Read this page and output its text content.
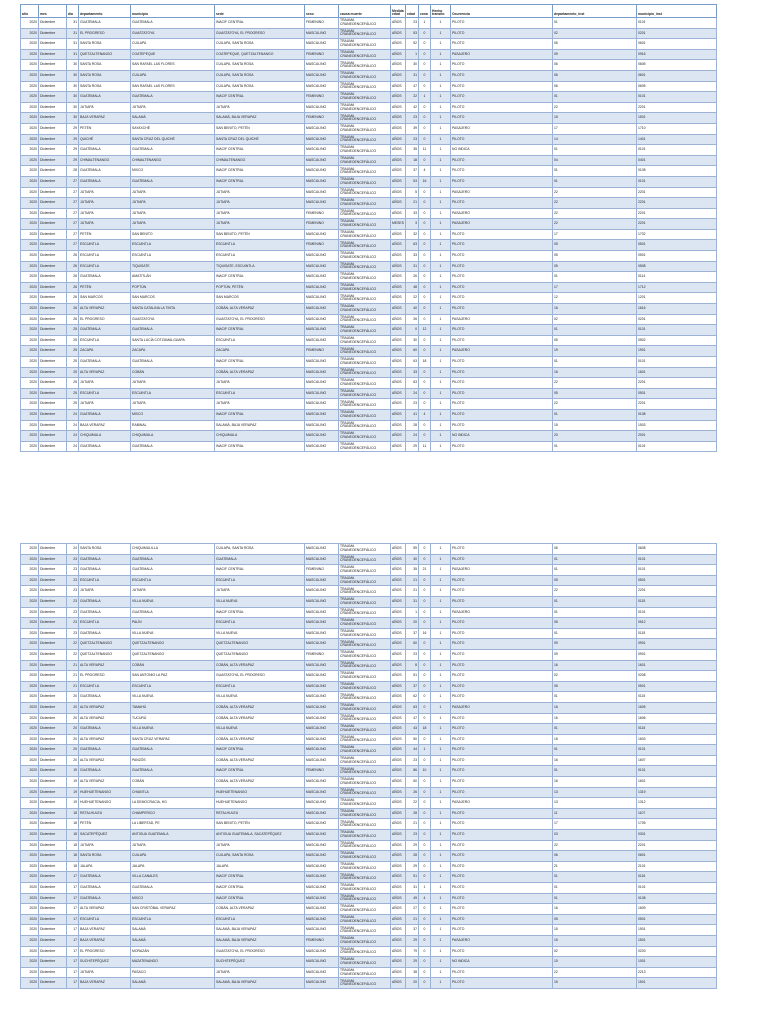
año	mes	día	departamento	municipio	sede	sexo	causa muerte	Medida edad	edad	zona	Hecho transito	Ocurrencia	departamento_inst	municipio_inst
2020	Diciembre	31	GUATEMALA	GUATEMALA	INACIF CENTRAL	FEMENINO	TRAUMA CRANEOENCEFÁLICO	AÑOS	23	1	1	PILOTO	01	0101
2020	Diciembre	31	EL PROGRESO	GUASTATOYA	GUASTATOYA, EL PROGRESO	MASCULINO	TRAUMA CRANEOENCEFÁLICO	AÑOS	53	0	1	PILOTO	02	0201
2020	Diciembre	31	SANTA ROSA	CUILAPA	CUILAPA, SANTA ROSA	MASCULINO	TRAUMA CRANEOENCEFÁLICO	AÑOS	52	0	1	PILOTO	06	0601
2020	Diciembre	31	QUETZALTENANGO	COATEPEQUE	COATEPEQUE, QUETZALTENANGO	FEMENINO	TRAUMA CRANEOENCEFÁLICO	AÑOS	1	0	1	PASAJERO	09	0916
2020	Diciembre	30	SANTA ROSA	SAN RAFAEL LAS FLORES	CUILAPA, SANTA ROSA	MASCULINO	TRAUMA CRANEOENCEFÁLICO	AÑOS	30	0	1	PILOTO	06	0605
2020	Diciembre	30	SANTA ROSA	CUILAPA	CUILAPA, SANTA ROSA	MASCULINO	TRAUMA CRANEOENCEFÁLICO	AÑOS	31	0	1	PILOTO	06	0601
2020	Diciembre	30	SANTA ROSA	SAN RAFAEL LAS FLORES	CUILAPA, SANTA ROSA	MASCULINO	TRAUMA CRANEOENCEFÁLICO	AÑOS	47	0	1	PILOTO	06	0605
2020	Diciembre	30	GUATEMALA	GUATEMALA	INACIF CENTRAL	FEMENINO	TRAUMA CRANEOENCEFÁLICO	AÑOS	22	1	1	PILOTO	01	0101
2020	Diciembre	30	JUTIAPA	JUTIAPA	JUTIAPA	MASCULINO	TRAUMA CRANEOENCEFÁLICO	AÑOS	42	0	1	PILOTO	22	2201
2020	Diciembre	30	BAJA VERAPAZ	SALAMÁ	SALAMÁ, BAJA VERAPAZ	FEMENINO	TRAUMA CRANEOENCEFÁLICO	AÑOS	23	0	1	PILOTO	15	1501
2020	Diciembre	29	PETÉN	SAYAXCHÉ	SAN BENITO, PETÉN	MASCULINO	TRAUMA CRANEOENCEFÁLICO	AÑOS	39	0	1	PASAJERO	17	1710
2020	Diciembre	29	QUICHÉ	SANTA CRUZ DEL QUICHÉ	SANTA CRUZ DEL QUICHÉ	MASCULINO	TRAUMA CRANEOENCEFÁLICO	AÑOS	23	0	1	PILOTO	14	1401
2020	Diciembre	29	GUATEMALA	GUATEMALA	INACIF CENTRAL	MASCULINO	TRAUMA CRANEOENCEFÁLICO	AÑOS	35	11	1	NO INDICA	01	0101
2020	Diciembre	29	CHIMALTENANGO	CHIMALTENANGO	CHIMALTENANGO	MASCULINO	TRAUMA CRANEOENCEFÁLICO	AÑOS	18	0	1	PILOTO	04	0401
2020	Diciembre	28	GUATEMALA	MIXCO	INACIF CENTRAL	MASCULINO	TRAUMA CRANEOENCEFÁLICO	AÑOS	37	4	1	PILOTO	01	0108
2020	Diciembre	27	GUATEMALA	GUATEMALA	INACIF CENTRAL	MASCULINO	TRAUMA CRANEOENCEFÁLICO	AÑOS	53	16	1	PILOTO	01	0101
2020	Diciembre	27	JUTIAPA	JUTIAPA	JUTIAPA	MASCULINO	TRAUMA CRANEOENCEFÁLICO	AÑOS	5	0	1	PASAJERO	22	2201
2020	Diciembre	27	JUTIAPA	JUTIAPA	JUTIAPA	MASCULINO	TRAUMA CRANEOENCEFÁLICO	AÑOS	21	0	1	PILOTO	22	2201
2020	Diciembre	27	JUTIAPA	JUTIAPA	JUTIAPA	FEMENINO	TRAUMA CRANEOENCEFÁLICO	AÑOS	33	0	1	PASAJERO	22	2201
2020	Diciembre	27	JUTIAPA	JUTIAPA	JUTIAPA	FEMENINO	TRAUMA CRANEOENCEFÁLICO	MESES	3	0	1	PASAJERO	22	2201
2020	Diciembre	27	PETÉN	SAN BENITO	SAN BENITO, PETÉN	MASCULINO	TRAUMA CRANEOENCEFÁLICO	AÑOS	32	0	1	PILOTO	17	1702
2020	Diciembre	27	ESCUINTLA	ESCUINTLA	ESCUINTLA	FEMENINO	TRAUMA CRANEOENCEFÁLICO	AÑOS	63	0	1	PILOTO	05	0501
2020	Diciembre	26	ESCUINTLA	ESCUINTLA	ESCUINTLA	MASCULINO	TRAUMA CRANEOENCEFÁLICO	AÑOS	33	0	1	PILOTO	05	0501
2020	Diciembre	26	ESCUINTLA	TIQUISATE	TIQUISATE, ESCUINTLA	MASCULINO	TRAUMA CRANEOENCEFÁLICO	AÑOS	31	0	1	PILOTO	05	0508
2020	Diciembre	26	GUATEMALA	AMATITLÁN	INACIF CENTRAL	MASCULINO	TRAUMA CRANEOENCEFÁLICO	AÑOS	26	0	1	PILOTO	01	0114
2020	Diciembre	26	PETÉN	POPTÚN	POPTÚN, PETÉN	MASCULINO	TRAUMA CRANEOENCEFÁLICO	AÑOS	48	0	1	PILOTO	17	1712
2020	Diciembre	26	SAN MARCOS	SAN MARCOS	SAN MARCOS	MASCULINO	TRAUMA CRANEOENCEFÁLICO	AÑOS	22	0	1	PILOTO	12	1201
2020	Diciembre	26	ALTA VERAPAZ	SANTA CATALINA LA TINTA	COBÁN, ALTA VERAPAZ	MASCULINO	TRAUMA CRANEOENCEFÁLICO	AÑOS	40	0	1	PILOTO	16	1616
2020	Diciembre	26	EL PROGRESO	GUASTATOYA	GUASTATOYA, EL PROGRESO	MASCULINO	TRAUMA CRANEOENCEFÁLICO	AÑOS	26	0	1	PASAJERO	02	0201
2020	Diciembre	25	GUATEMALA	GUATEMALA	INACIF CENTRAL	MASCULINO	TRAUMA CRANEOENCEFÁLICO	AÑOS	0	12	1	PILOTO	01	0101
2020	Diciembre	25	ESCUINTLA	SANTA LUCÍA COTZUMALGUAPA	ESCUINTLA	MASCULINO	TRAUMA CRANEOENCEFÁLICO	AÑOS	30	0	1	PILOTO	05	0502
2020	Diciembre	25	ZACAPA	ZACAPA	ZACAPA	FEMENINO	TRAUMA CRANEOENCEFÁLICO	AÑOS	60	0	1	PASAJERO	19	1901
2020	Diciembre	25	GUATEMALA	GUATEMALA	INACIF CENTRAL	MASCULINO	TRAUMA CRANEOENCEFÁLICO	AÑOS	63	18	1	PILOTO	01	0101
2020	Diciembre	25	ALTA VERAPAZ	COBÁN	COBÁN, ALTA VERAPAZ	MASCULINO	TRAUMA CRANEOENCEFÁLICO	AÑOS	33	0	1	PILOTO	16	1601
2020	Diciembre	25	JUTIAPA	JUTIAPA	JUTIAPA	MASCULINO	TRAUMA CRANEOENCEFÁLICO	AÑOS	63	0	1	PILOTO	22	2201
2020	Diciembre	25	ESCUINTLA	ESCUINTLA	ESCUINTLA	MASCULINO	TRAUMA CRANEOENCEFÁLICO	AÑOS	24	0	1	PILOTO	05	0501
2020	Diciembre	25	JUTIAPA	JUTIAPA	JUTIAPA	MASCULINO	TRAUMA CRANEOENCEFÁLICO	AÑOS	23	0	1	PILOTO	22	2201
2020	Diciembre	24	GUATEMALA	MIXCO	INACIF CENTRAL	MASCULINO	TRAUMA CRANEOENCEFÁLICO	AÑOS	41	4	1	PILOTO	01	0108
2020	Diciembre	24	BAJA VERAPAZ	RABINAL	SALAMÁ, BAJA VERAPAZ	MASCULINO	TRAUMA CRANEOENCEFÁLICO	AÑOS	28	0	1	PILOTO	15	1503
2020	Diciembre	24	CHIQUIMULA	CHIQUIMULA	CHIQUIMULA	MASCULINO	TRAUMA CRANEOENCEFÁLICO	AÑOS	24	0	1	NO INDICA	20	2001
2020	Diciembre	24	GUATEMALA	GUATEMALA	INACIF CENTRAL	MASCULINO	TRAUMA CRANEOENCEFÁLICO	AÑOS	29	11	1	PILOTO	01	0101
2020	Diciembre	24	SANTA ROSA	CHIQUIMULILLA	CUILAPA, SANTA ROSA	MASCULINO	TRAUMA CRANEOENCEFÁLICO	AÑOS	59	0	1	PILOTO	06	0608
2020	Diciembre	23	GUATEMALA	GUATEMALA	GUATEMALA	MASCULINO	TRAUMA CRANEOENCEFÁLICO	AÑOS	30	0	1	PILOTO	01	0101
2020	Diciembre	23	GUATEMALA	GUATEMALA	INACIF CENTRAL	FEMENINO	TRAUMA CRANEOENCEFÁLICO	AÑOS	35	21	1	PASAJERO	01	0101
2020	Diciembre	23	ESCUINTLA	ESCUINTLA	ESCUINTLA	MASCULINO	TRAUMA CRANEOENCEFÁLICO	AÑOS	21	0	1	PILOTO	05	0501
2020	Diciembre	23	JUTIAPA	JUTIAPA	JUTIAPA	MASCULINO	TRAUMA CRANEOENCEFÁLICO	AÑOS	21	0	1	PILOTO	22	2201
2020	Diciembre	23	GUATEMALA	VILLA NUEVA	VILLA NUEVA	MASCULINO	TRAUMA CRANEOENCEFÁLICO	AÑOS	31	0	1	PILOTO	01	0115
2020	Diciembre	23	GUATEMALA	GUATEMALA	INACIF CENTRAL	MASCULINO	TRAUMA CRANEOENCEFÁLICO	AÑOS	1	0	1	PASAJERO	01	0101
2020	Diciembre	23	ESCUINTLA	PALÍN	ESCUINTLA	MASCULINO	TRAUMA CRANEOENCEFÁLICO	AÑOS	20	0	1	PILOTO	05	0512
2020	Diciembre	23	GUATEMALA	VILLA NUEVA	VILLA NUEVA	MASCULINO	TRAUMA CRANEOENCEFÁLICO	AÑOS	37	16	1	PILOTO	01	0115
2020	Diciembre	22	QUETZALTENANGO	QUETZALTENANGO	QUETZALTENANGO	MASCULINO	TRAUMA CRANEOENCEFÁLICO	AÑOS	60	0	1	PILOTO	09	0901
2020	Diciembre	22	QUETZALTENANGO	QUETZALTENANGO	QUETZALTENANGO	FEMENINO	TRAUMA CRANEOENCEFÁLICO	AÑOS	23	0	1	PILOTO	09	0901
2020	Diciembre	21	ALTA VERAPAZ	COBÁN	COBÁN, ALTA VERAPAZ	MASCULINO	TRAUMA CRANEOENCEFÁLICO	AÑOS	8	0	1	PILOTO	16	1601
2020	Diciembre	21	EL PROGRESO	SAN ANTONIO LA PAZ	GUASTATOYA, EL PROGRESO	MASCULINO	TRAUMA CRANEOENCEFÁLICO	AÑOS	51	0	1	PILOTO	02	0208
2020	Diciembre	21	ESCUINTLA	ESCUINTLA	ESCUINTLA	MASCULINO	TRAUMA CRANEOENCEFÁLICO	AÑOS	37	0	1	PILOTO	05	0501
2020	Diciembre	20	GUATEMALA	VILLA NUEVA	VILLA NUEVA	MASCULINO	TRAUMA CRANEOENCEFÁLICO	AÑOS	62	0	1	PILOTO	01	0115
2020	Diciembre	20	ALTA VERAPAZ	TAMAHÚ	COBÁN, ALTA VERAPAZ	MASCULINO	TRAUMA CRANEOENCEFÁLICO	AÑOS	63	0	1	PASAJERO	16	1605
2020	Diciembre	20	ALTA VERAPAZ	TUCURÚ	COBÁN, ALTA VERAPAZ	MASCULINO	TRAUMA CRANEOENCEFÁLICO	AÑOS	47	0	1	PILOTO	16	1606
2020	Diciembre	20	GUATEMALA	VILLA NUEVA	VILLA NUEVA	MASCULINO	TRAUMA CRANEOENCEFÁLICO	AÑOS	43	18	1	PILOTO	01	0115
2020	Diciembre	20	ALTA VERAPAZ	SANTA CRUZ VERAPAZ	COBÁN, ALTA VERAPAZ	MASCULINO	TRAUMA CRANEOENCEFÁLICO	AÑOS	50	0	1	PILOTO	16	1603
2020	Diciembre	20	GUATEMALA	GUATEMALA	INACIF CENTRAL	MASCULINO	TRAUMA CRANEOENCEFÁLICO	AÑOS	44	1	1	PILOTO	01	0101
2020	Diciembre	20	ALTA VERAPAZ	PANZÓS	COBÁN, ALTA VERAPAZ	MASCULINO	TRAUMA CRANEOENCEFÁLICO	AÑOS	23	0	1	PILOTO	16	1607
2020	Diciembre	19	GUATEMALA	GUATEMALA	INACIF CENTRAL	FEMENINO	TRAUMA CRANEOENCEFÁLICO	AÑOS	86	10	1	PILOTO	01	0101
2020	Diciembre	19	ALTA VERAPAZ	COBÁN	COBÁN, ALTA VERAPAZ	MASCULINO	TRAUMA CRANEOENCEFÁLICO	AÑOS	60	0	1	PILOTO	16	1601
2020	Diciembre	19	HUEHUETENANGO	CHIANTLA	HUEHUETENANGO	MASCULINO	TRAUMA CRANEOENCEFÁLICO	AÑOS	26	0	1	PILOTO	13	1319
2020	Diciembre	19	HUEHUETENANGO	LA DEMOCRACIA, HG	HUEHUETENANGO	MASCULINO	TRAUMA CRANEOENCEFÁLICO	AÑOS	22	0	1	PASAJERO	13	1312
2020	Diciembre	18	RETALHULEU	CHAMPERICO	RETALHULEU	MASCULINO	TRAUMA CRANEOENCEFÁLICO	AÑOS	28	0	1	PILOTO	11	1107
2020	Diciembre	18	PETÉN	LA LIBERTAD, PE	SAN BENITO, PETÉN	MASCULINO	TRAUMA CRANEOENCEFÁLICO	AÑOS	21	0	1	PILOTO	17	1705
2020	Diciembre	18	SACATEPÉQUEZ	ANTIGUA GUATEMALA	ANTIGUA GUATEMALA, SACATEPÉQUEZ	MASCULINO	TRAUMA CRANEOENCEFÁLICO	AÑOS	23	0	1	PILOTO	03	0301
2020	Diciembre	18	JUTIAPA	JUTIAPA	JUTIAPA	MASCULINO	TRAUMA CRANEOENCEFÁLICO	AÑOS	29	0	1	PILOTO	22	2201
2020	Diciembre	18	SANTA ROSA	CUILAPA	CUILAPA, SANTA ROSA	MASCULINO	TRAUMA CRANEOENCEFÁLICO	AÑOS	28	0	1	PILOTO	06	0601
2020	Diciembre	18	JALAPA	JALAPA	JALAPA	MASCULINO	TRAUMA CRANEOENCEFÁLICO	AÑOS	29	0	1	PILOTO	21	2101
2020	Diciembre	17	GUATEMALA	VILLA CANALES	INACIF CENTRAL	MASCULINO	TRAUMA CRANEOENCEFÁLICO	AÑOS	51	0	1	PILOTO	01	0116
2020	Diciembre	17	GUATEMALA	GUATEMALA	INACIF CENTRAL	MASCULINO	TRAUMA CRANEOENCEFÁLICO	AÑOS	31	1	1	PILOTO	01	0101
2020	Diciembre	17	GUATEMALA	MIXCO	INACIF CENTRAL	MASCULINO	TRAUMA CRANEOENCEFÁLICO	AÑOS	49	4	1	PILOTO	01	0108
2020	Diciembre	17	ALTA VERAPAZ	SAN CRISTÓBAL VERAPAZ	COBÁN, ALTA VERAPAZ	MASCULINO	TRAUMA CRANEOENCEFÁLICO	AÑOS	27	0	1	PILOTO	16	1609
2020	Diciembre	17	ESCUINTLA	ESCUINTLA	ESCUINTLA	MASCULINO	TRAUMA CRANEOENCEFÁLICO	AÑOS	21	0	1	PILOTO	05	0501
2020	Diciembre	17	BAJA VERAPAZ	SALAMÁ	SALAMÁ, BAJA VERAPAZ	MASCULINO	TRAUMA CRANEOENCEFÁLICO	AÑOS	37	0	1	PILOTO	15	1501
2020	Diciembre	17	BAJA VERAPAZ	SALAMÁ	SALAMÁ, BAJA VERAPAZ	FEMENINO	TRAUMA CRANEOENCEFÁLICO	AÑOS	29	0	1	PASAJERO	15	1501
2020	Diciembre	17	EL PROGRESO	MORAZÁN	GUASTATOYA, EL PROGRESO	MASCULINO	TRAUMA CRANEOENCEFÁLICO	AÑOS	79	0	1	PILOTO	02	0203
2020	Diciembre	17	SUCHITEPÉQUEZ	MAZATENANGO	SUCHITEPÉQUEZ	MASCULINO	TRAUMA CRANEOENCEFÁLICO	AÑOS	29	0	1	NO INDICA	10	1001
2020	Diciembre	17	JUTIAPA	PASACO	JUTIAPA	MASCULINO	TRAUMA CRANEOENCEFÁLICO	AÑOS	38	0	1	PILOTO	22	2213
2020	Diciembre	17	BAJA VERAPAZ	SALAMÁ	SALAMÁ, BAJA VERAPAZ	MASCULINO	TRAUMA CRANEOENCEFÁLICO	AÑOS	20	0	1	PILOTO	15	1501
